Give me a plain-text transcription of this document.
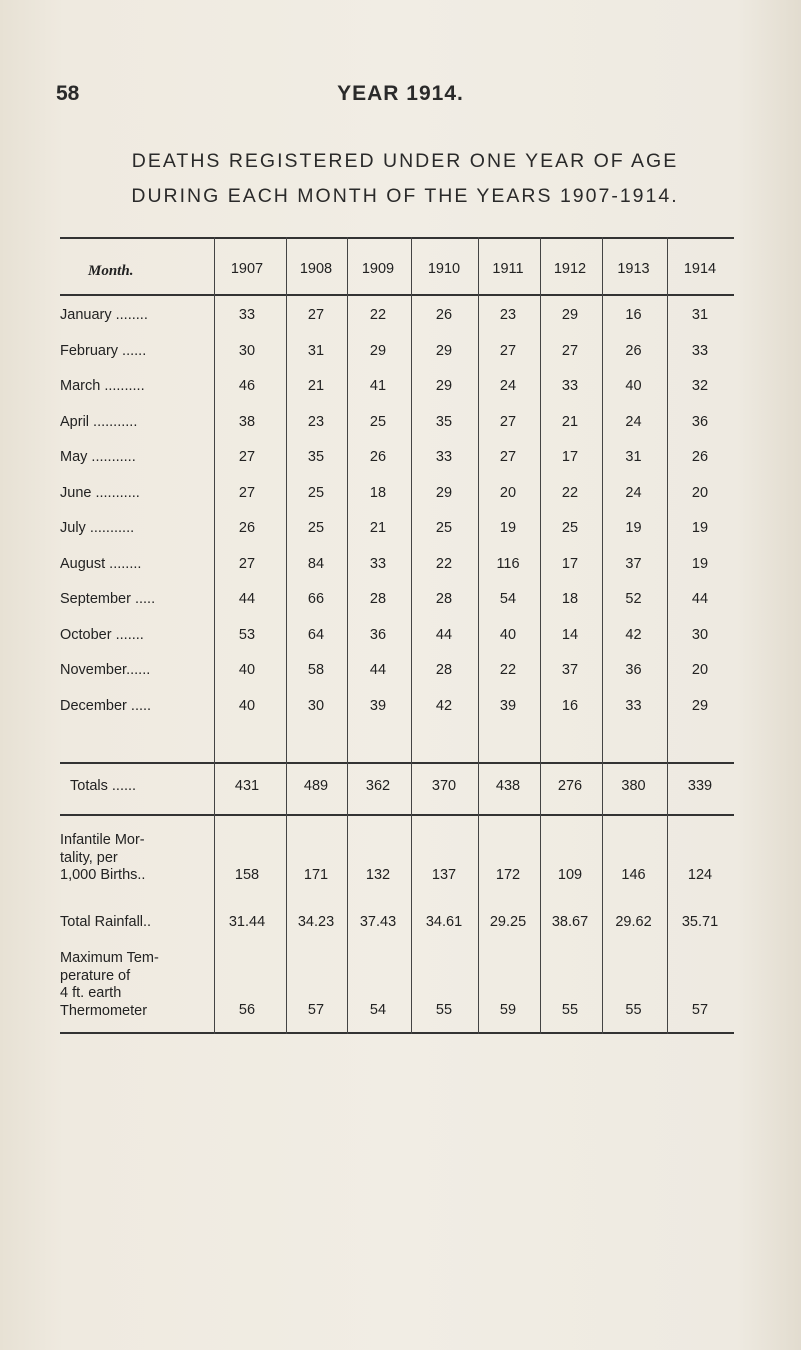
58	YEAR 1914.
DEATHS REGISTERED UNDER ONE YEAR OF AGE
DURING EACH MONTH OF THE YEARS 1907-1914.
Month.	1907	1908	1909	1910	1911	1912	1913	1914
January ........	33	27	22	26	23	29	16	31
February ......	30	31	29	29	27	27	26	33
March ..........	46	21	41	29	24	33	40	32
April ...........	38	23	25	35	27	21	24	36
May ...........	27	35	26	33	27	17	31	26
June ...........	27	25	18	29	20	22	24	20
July ...........	26	25	21	25	19	25	19	19
August ........	27	84	33	22	116	17	37	19
September .....	44	66	28	28	54	18	52	44
October .......	53	64	36	44	40	14	42	30
November......	40	58	44	28	22	37	36	20
December .....	40	30	39	42	39	16	33	29
Totals ......	431	489	362	370	438	276	380	339
Infantile Mor-
tality, per
1,000 Births..	158	171	132	137	172	109	146	124
Total Rainfall..	31.44	34.23	37.43	34.61	29.25	38.67	29.62	35.71
Maximum Tem-
perature of
4 ft. earth
Thermometer	56	57	54	55	59	55	55	57
